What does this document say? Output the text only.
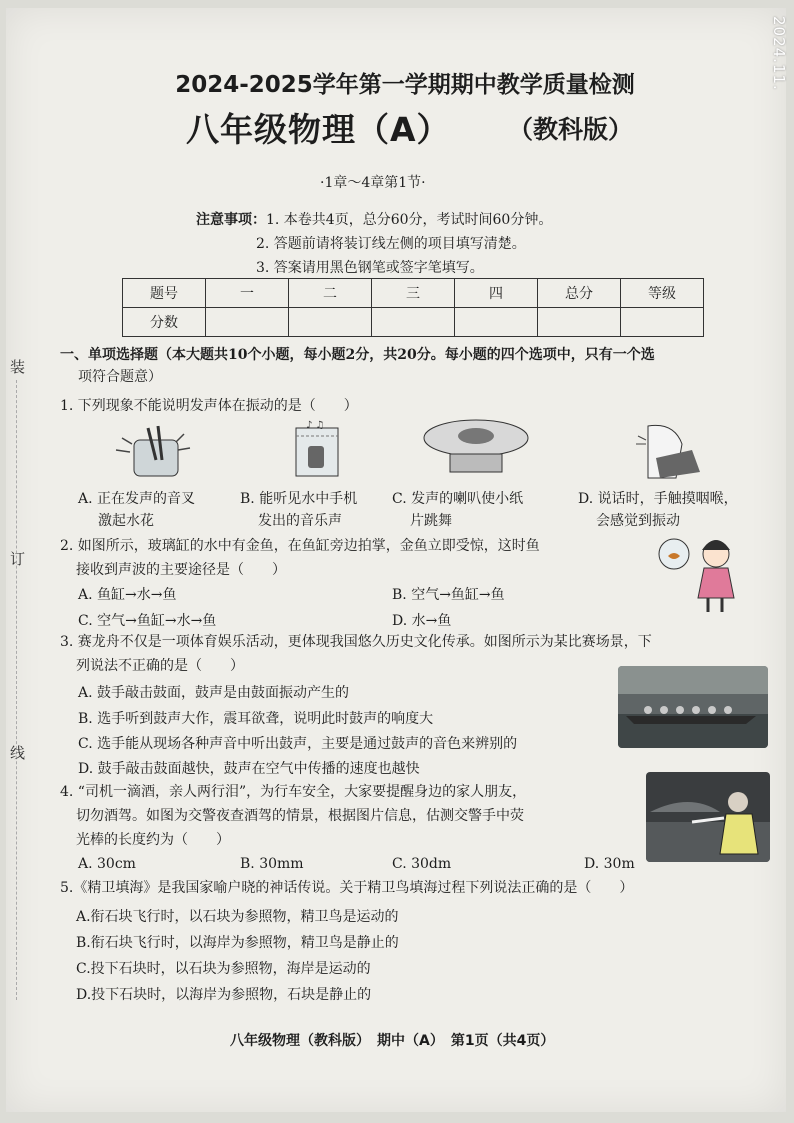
2024.11.
装
订
线
2024-2025学年第一学期期中教学质量检测
八年级物理（A） （教科版）
·1章～4章第1节·
注意事项：1. 本卷共4页，总分60分，考试时间60分钟。
2. 答题前请将装订线左侧的项目填写清楚。
3. 答案请用黑色钢笔或签字笔填写。
题号	一	二	三	四	总分	等级
分数						
一、单项选择题（本大题共10个小题，每小题2分，共20分。每小题的四个选项中，只有一个选
项符合题意）
1. 下列现象不能说明发声体在振动的是（　　）
♪ ♫
A. 正在发声的音叉
激起水花
B. 能听见水中手机
发出的音乐声
C. 发声的喇叭使小纸
片跳舞
D. 说话时，手触摸咽喉，
会感觉到振动
2. 如图所示，玻璃缸的水中有金鱼，在鱼缸旁边拍掌，金鱼立即受惊，这时鱼
接收到声波的主要途径是（　　）
A. 鱼缸→水→鱼	B. 空气→鱼缸→鱼
C. 空气→鱼缸→水→鱼	D. 水→鱼
3. 赛龙舟不仅是一项体育娱乐活动，更体现我国悠久历史文化传承。如图所示为某比赛场景，下
列说法不正确的是（　　）
A. 鼓手敲击鼓面，鼓声是由鼓面振动产生的
B. 选手听到鼓声大作，震耳欲聋，说明此时鼓声的响度大
C. 选手能从现场各种声音中听出鼓声，主要是通过鼓声的音色来辨别的
D. 鼓手敲击鼓面越快，鼓声在空气中传播的速度也越快
4. “司机一滴酒，亲人两行泪”，为行车安全，大家要提醒身边的家人朋友，
切勿酒驾。如图为交警夜查酒驾的情景，根据图片信息，估测交警手中荧
光棒的长度约为（　　）
A. 30cm	B. 30mm	C. 30dm	D. 30m
5.《精卫填海》是我国家喻户晓的神话传说。关于精卫鸟填海过程下列说法正确的是（　　）
A.衔石块飞行时，以石块为参照物，精卫鸟是运动的
B.衔石块飞行时，以海岸为参照物，精卫鸟是静止的
C.投下石块时，以石块为参照物，海岸是运动的
D.投下石块时，以海岸为参照物，石块是静止的
八年级物理（教科版）　期中（A）　第1页（共4页）
